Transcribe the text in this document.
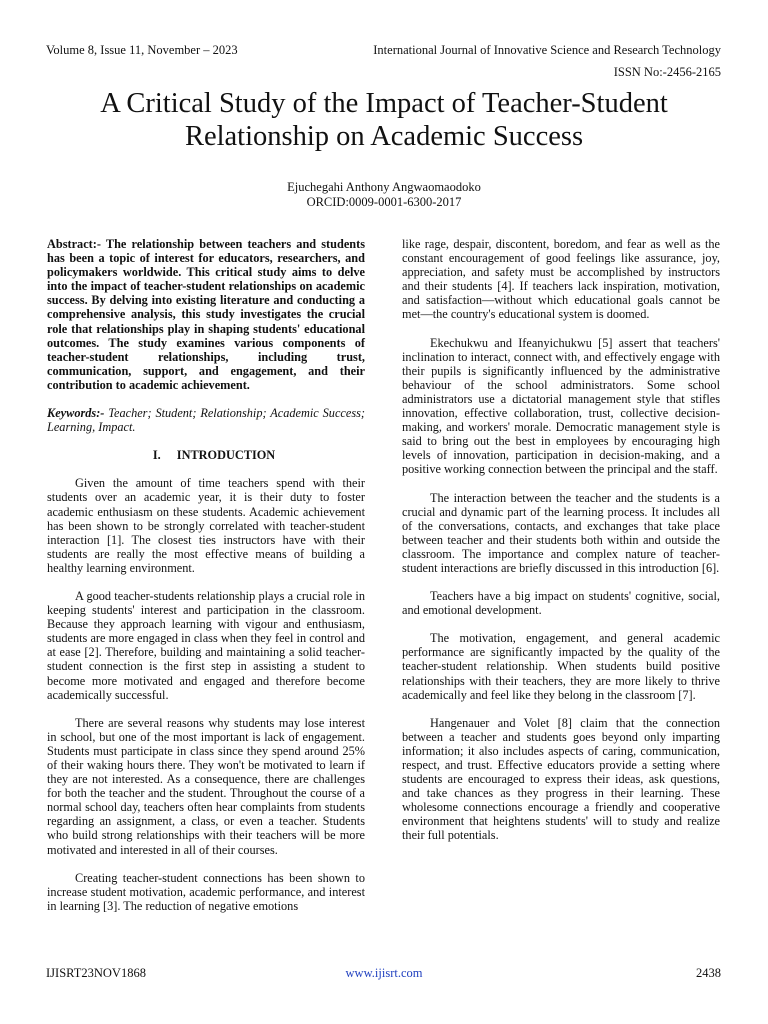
Volume 8, Issue 11, November – 2023	International Journal of Innovative Science and Research Technology
ISSN No:-2456-2165
A Critical Study of the Impact of Teacher-Student
Relationship on Academic Success
Ejuchegahi Anthony Angwaomaodoko
ORCID:0009-0001-6300-2017

Abstract:- The relationship between teachers and students has been a topic of interest for educators, researchers, and policymakers worldwide. This critical study aims to delve into the impact of teacher-student relationships on academic success. By delving into existing literature and conducting a comprehensive analysis, this study investigates the crucial role that relationships play in shaping students' educational outcomes. The study examines various components of teacher-student relationships, including trust, communication, support, and engagement, and their contribution to academic achievement.

Keywords:- Teacher; Student; Relationship; Academic Success; Learning, Impact.

I. INTRODUCTION

Given the amount of time teachers spend with their students over an academic year, it is their duty to foster academic enthusiasm on these students. Academic achievement has been shown to be strongly correlated with teacher-student interaction [1]. The closest ties instructors have with their students are really the most effective means of building a healthy learning environment.

A good teacher-students relationship plays a crucial role in keeping students' interest and participation in the classroom. Because they approach learning with vigour and enthusiasm, students are more engaged in class when they feel in control and at ease [2]. Therefore, building and maintaining a solid teacher-student connection is the first step in assisting a student to become more motivated and engaged and therefore become academically successful.

There are several reasons why students may lose interest in school, but one of the most important is lack of engagement. Students must participate in class since they spend around 25% of their waking hours there. They won't be motivated to learn if they are not interested. As a consequence, there are challenges for both the teacher and the student. Throughout the course of a normal school day, teachers often hear complaints from students regarding an assignment, a class, or even a teacher. Students who build strong relationships with their teachers will be more motivated and interested in all of their courses.

Creating teacher-student connections has been shown to increase student motivation, academic performance, and interest in learning [3]. The reduction of negative emotions

like rage, despair, discontent, boredom, and fear as well as the constant encouragement of good feelings like assurance, joy, appreciation, and safety must be accomplished by instructors and their students [4]. If teachers lack inspiration, motivation, and satisfaction―without which educational goals cannot be met―the country's educational system is doomed.

Ekechukwu and Ifeanyichukwu [5] assert that teachers' inclination to interact, connect with, and effectively engage with their pupils is significantly influenced by the administrative behaviour of the school administrators. Some school administrators use a dictatorial management style that stifles innovation, effective collaboration, trust, collective decision-making, and workers' morale. Democratic management style is said to bring out the best in employees by encouraging high levels of innovation, participation in decision-making, and a positive working connection between the principal and the staff.

The interaction between the teacher and the students is a crucial and dynamic part of the learning process. It includes all of the conversations, contacts, and exchanges that take place between teacher and their students both within and outside the classroom. The importance and complex nature of teacher-student interactions are briefly discussed in this introduction [6].

Teachers have a big impact on students' cognitive, social, and emotional development.

The motivation, engagement, and general academic performance are significantly impacted by the quality of the teacher-student relationship. When students build positive relationships with their teachers, they are more likely to thrive academically and feel like they belong in the classroom [7].

Hangenauer and Volet [8] claim that the connection between a teacher and students goes beyond only imparting information; it also includes aspects of caring, communication, respect, and trust. Effective educators provide a setting where students are encouraged to express their ideas, ask questions, and take chances as they progress in their learning. These wholesome connections encourage a friendly and cooperative environment that heightens students' will to study and realize their full potentials.

IJISRT23NOV1868	www.ijisrt.com	2438
